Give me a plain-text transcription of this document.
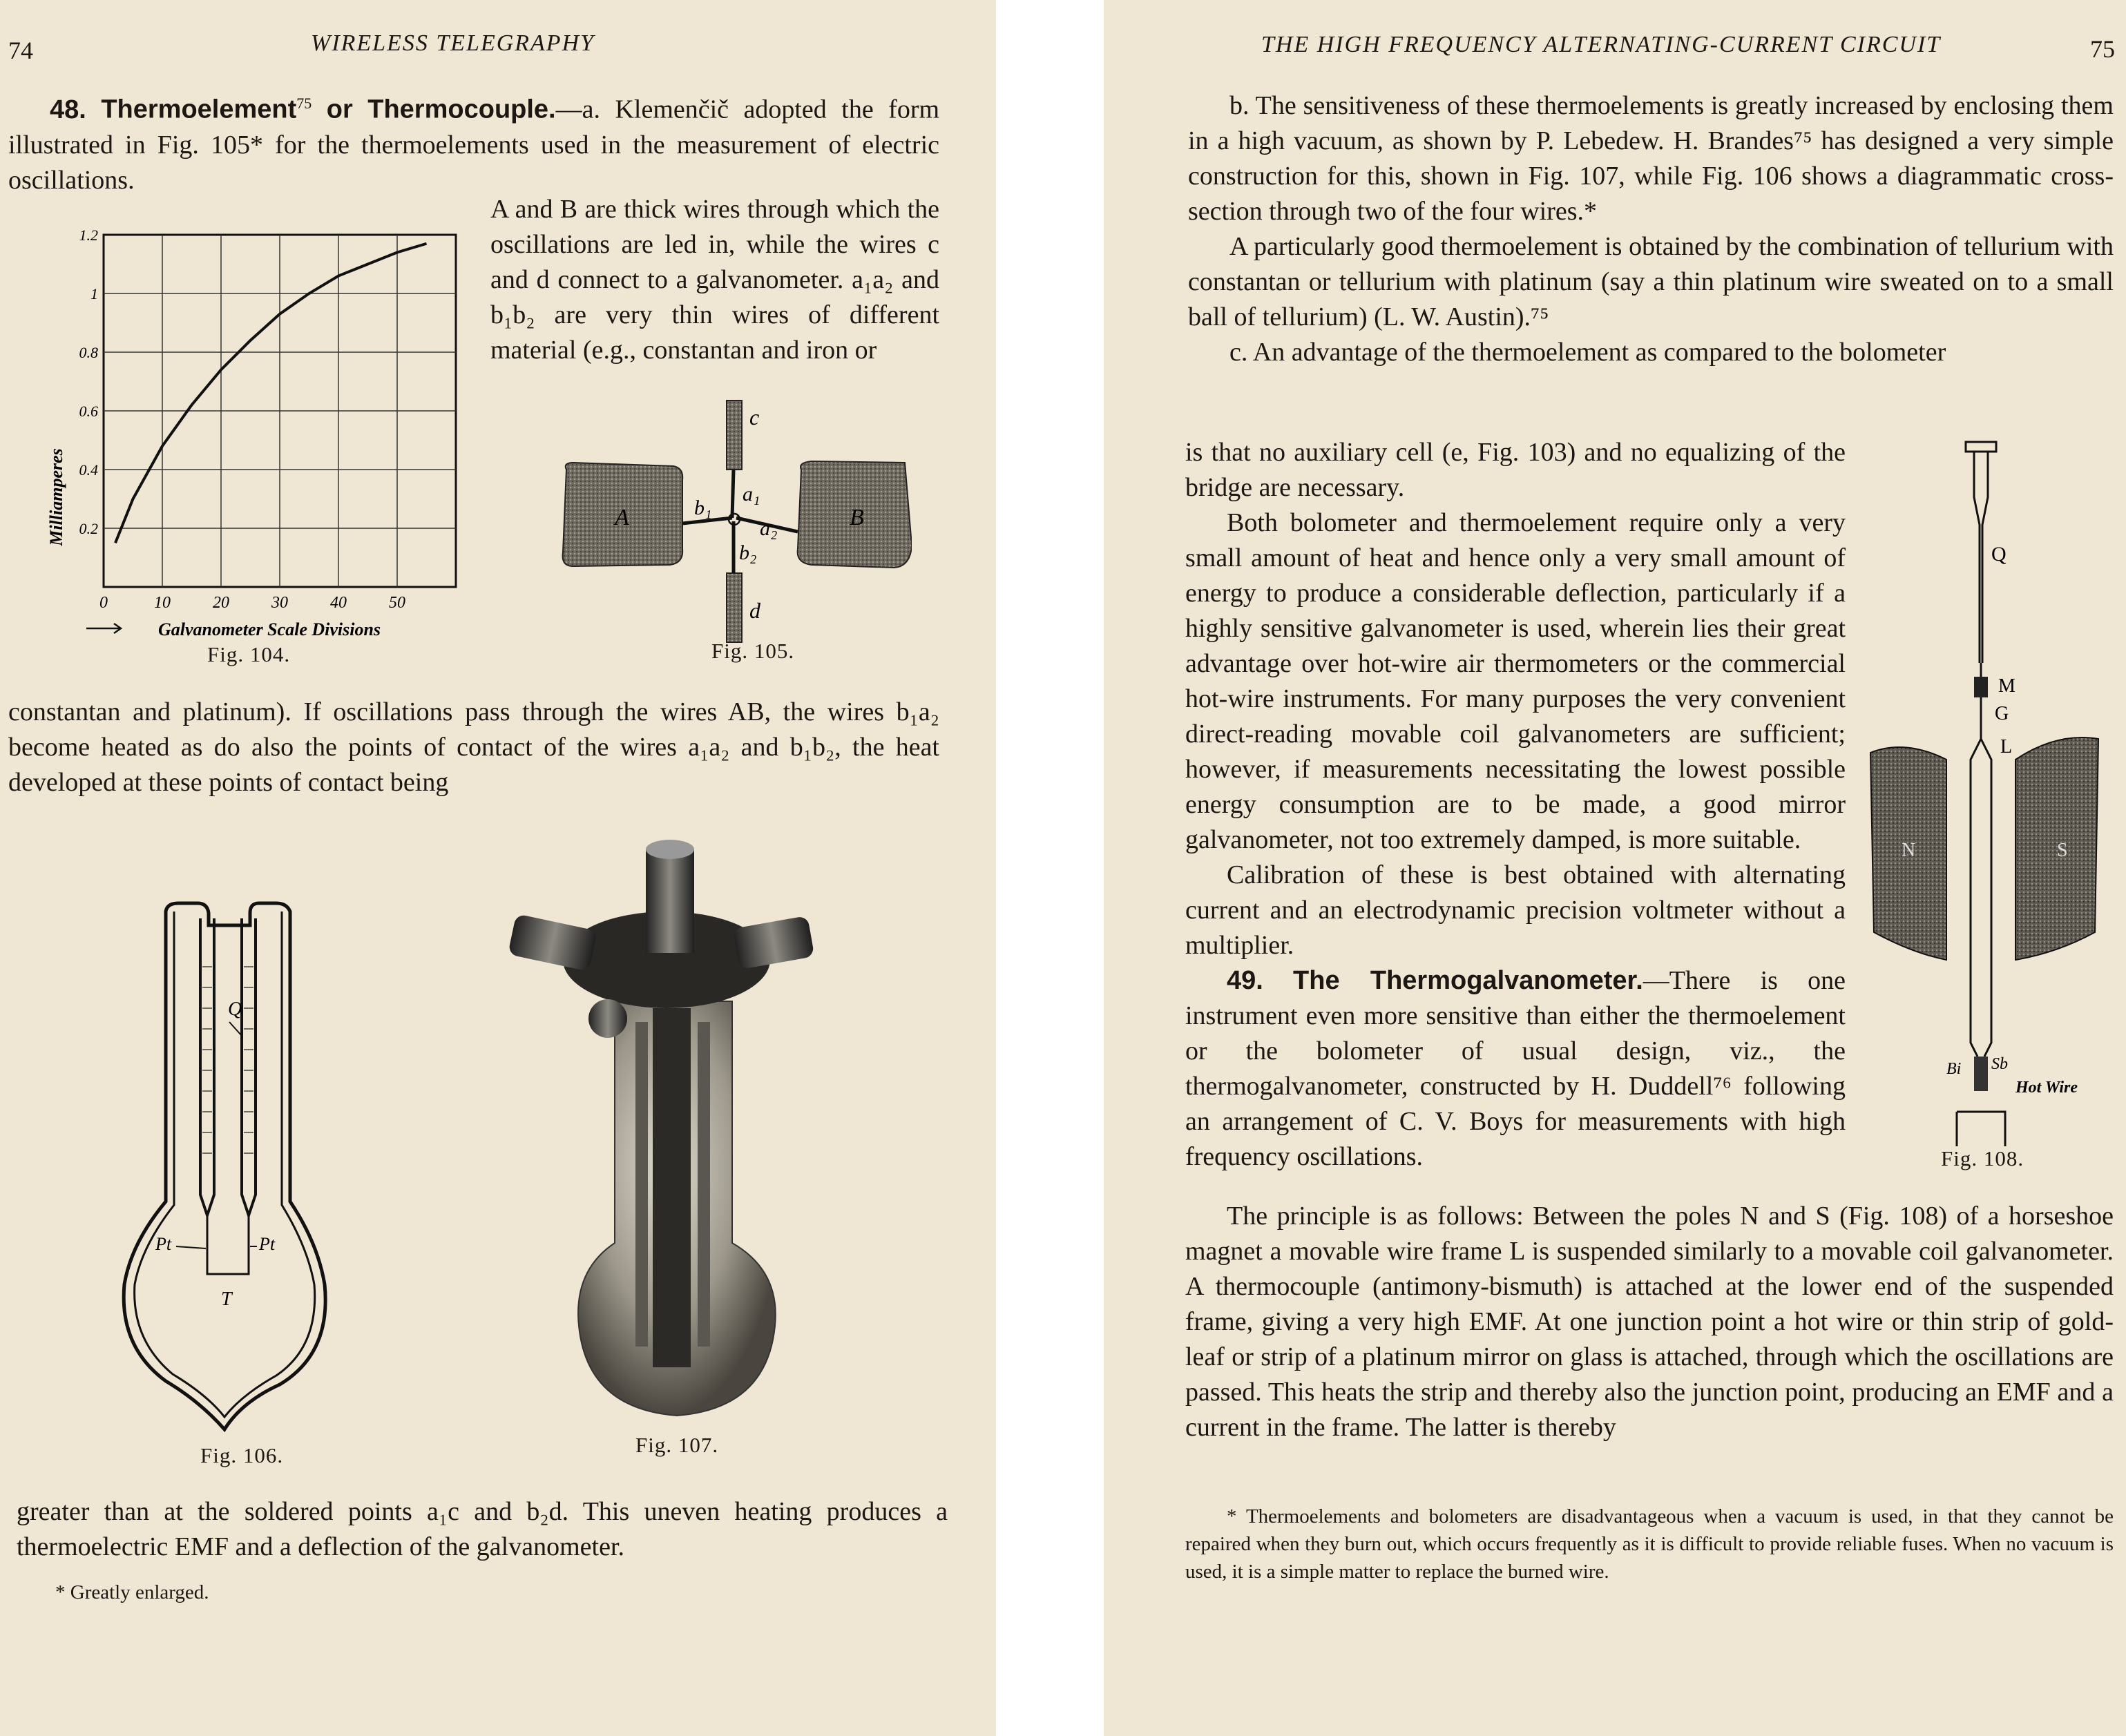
74	WIRELESS TELEGRAPHY
48. Thermoelement$^{75}$ or Thermocouple.—a. Klemenčič adopted the form illustrated in Fig. 105* for the thermoelements used in the measurement of electric oscillations.
A and B are thick wires through which the oscillations are led in, while the wires c and d connect to a galvanometer. a₁a₂ and b₁b₂ are very thin wires of different material (e.g., constantan and iron or
0	10	20	30	40	50
0.2
0.4
0.6
0.8
1
1.2
Milliamperes
Galvanometer Scale Divisions
Fig. 104.
A	B
c
d
a₁
a₂
b₁
b₂
Fig. 105.
constantan and platinum). If oscillations pass through the wires AB, the wires b₁a₂ become heated as do also the points of contact of the wires a₁a₂ and b₁b₂, the heat developed at these points of contact being
Q
Pt	Pt
T
Fig. 106.	Fig. 107.
greater than at the soldered points a₁c and b₂d. This uneven heating produces a thermoelectric EMF and a deflection of the galvanometer.
* Greatly enlarged.
THE HIGH FREQUENCY ALTERNATING-CURRENT CIRCUIT	75

b. The sensitiveness of these thermoelements is greatly increased by enclosing them in a high vacuum, as shown by P. Lebedew. H. Brandes⁷⁵ has designed a very simple construction for this, shown in Fig. 107, while Fig. 106 shows a diagrammatic cross-section through two of the four wires.*

A particularly good thermoelement is obtained by the combination of tellurium with constantan or tellurium with platinum (say a thin platinum wire sweated on to a small ball of tellurium) (L. W. Austin).⁷⁵

c. An advantage of the thermoelement as compared to the bolometer

is that no auxiliary cell (e, Fig. 103) and no equalizing of the bridge are necessary.

Both bolometer and thermoelement require only a very small amount of heat and hence only a very small amount of energy to produce a considerable deflection, particularly if a highly sensitive galvanometer is used, wherein lies their great advantage over hot-wire air thermometers or the commercial hot-wire instruments. For many purposes the very convenient direct-reading movable coil galvanometers are sufficient; however, if measurements necessitating the lowest possible energy consumption are to be made, a good mirror galvanometer, not too extremely damped, is more suitable.

Calibration of these is best obtained with alternating current and an electrodynamic precision voltmeter without a multiplier.

49. The Thermogalvanometer.—There is one instrument even more sensitive than either the thermoelement or the bolometer of usual design, viz., the thermogalvanometer, constructed by H. Duddell⁷⁶ following an arrangement of C. V. Boys for measurements with high frequency oscillations.

The principle is as follows: Between the poles N and S (Fig. 108) of a horseshoe magnet a movable wire frame L is suspended similarly to a movable coil galvanometer. A thermocouple (antimony-bismuth) is attached at the lower end of the suspended frame, giving a very high EMF. At one junction point a hot wire or thin strip of gold-leaf or strip of a platinum mirror on glass is attached, through which the oscillations are passed. This heats the strip and thereby also the junction point, producing an EMF and a current in the frame. The latter is thereby

* Thermoelements and bolometers are disadvantageous when a vacuum is used, in that they cannot be repaired when they burn out, which occurs frequently as it is difficult to provide reliable fuses. When no vacuum is used, it is a simple matter to replace the burned wire.
Q
M
G
L
N	S
Bi Sb
Hot Wire
Fig. 108.
